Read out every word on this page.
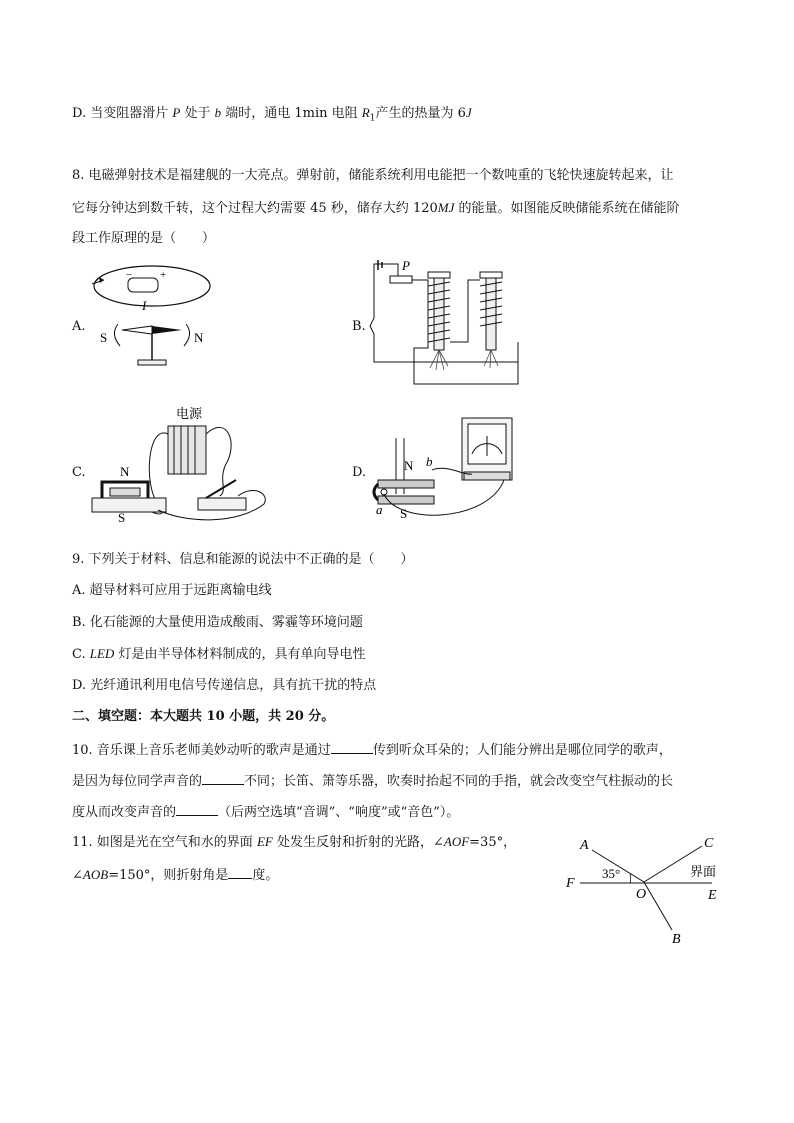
D. 当变阻器滑片 P 处于 b 端时，通电 1min 电阻 $R_1$产生的热量为 6J
8. 电磁弹射技术是福建舰的一大亮点。弹射前，储能系统利用电能把一个数吨重的飞轮快速旋转起来，让
它每分钟达到数千转，这个过程大约需要 45 秒，储存大约 120MJ 的能量。如图能反映储能系统在储能阶
段工作原理的是（　　）
A.
−	+
I
S	N
B.
P
C.
电源
N
S
D.	N b
a S
9. 下列关于材料、信息和能源的说法中不正确的是（　　）
A. 超导材料可应用于远距离输电线
B. 化石能源的大量使用造成酸雨、雾霾等环境问题
C. LED 灯是由半导体材料制成的，具有单向导电性
D. 光纤通讯利用电信号传递信息，具有抗干扰的特点
二、填空题：本大题共 10 小题，共 20 分。
10. 音乐课上音乐老师美妙动听的歌声是通过	传到听众耳朵的；人们能分辨出是哪位同学的歌声，
是因为每位同学声音的	不同；长笛、箫等乐器，吹奏时抬起不同的手指，就会改变空气柱振动的长
度从而改变声音的	（后两空选填“音调”、“响度”或“音色”）。
11. 如图是光在空气和水的界面 EF 处发生反射和折射的光路，∠AOF=35°，
∠AOB=150°，则折射角是 度。
A	C
F
O	E
B
35°	界面
